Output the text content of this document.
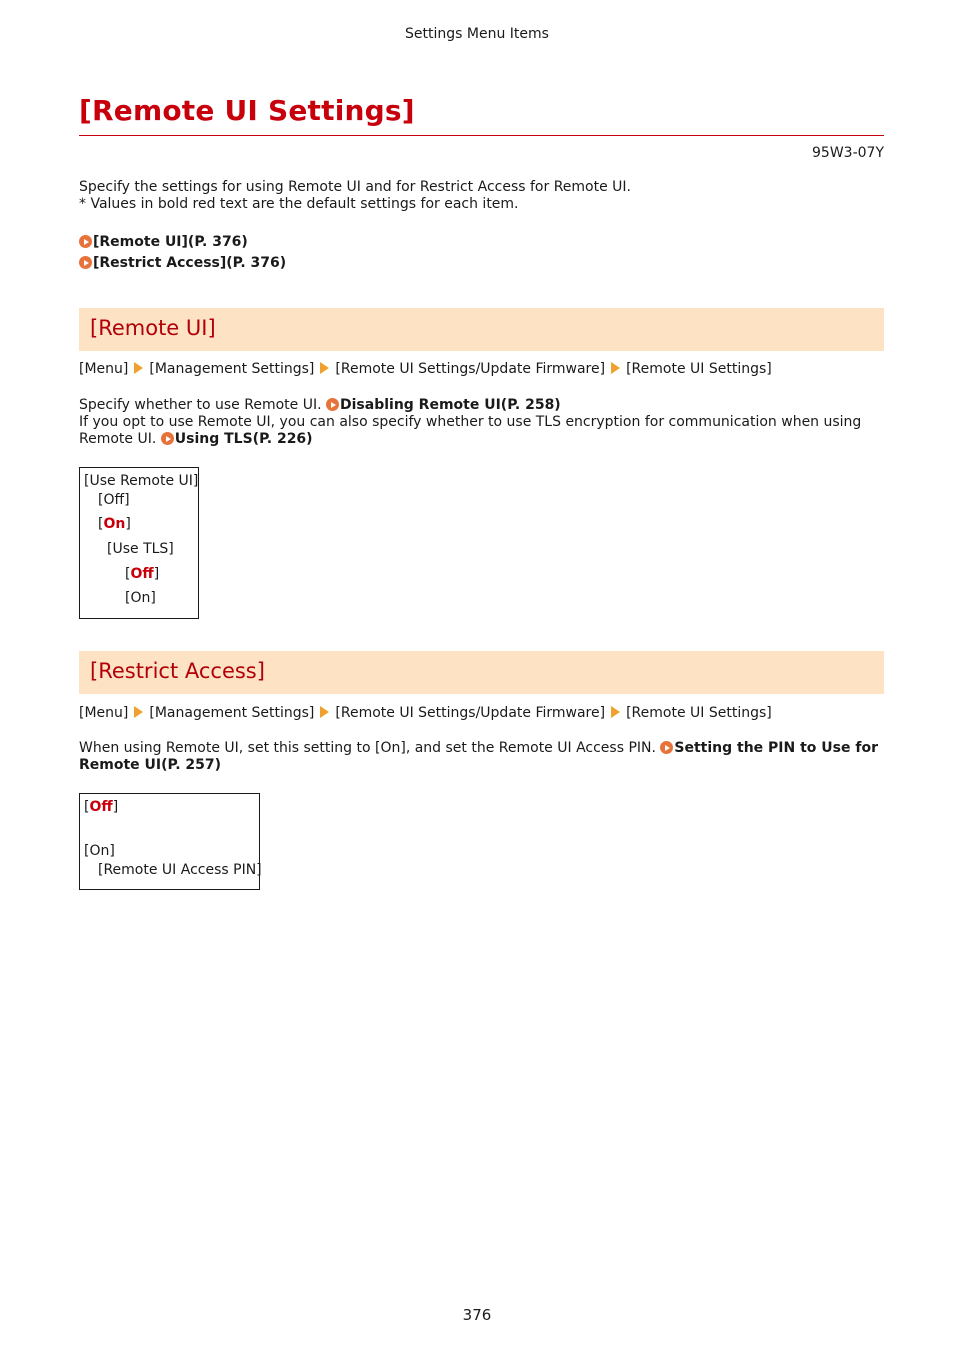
Settings Menu Items
[Remote UI Settings]
95W3-07Y

Specify the settings for using Remote UI and for Restrict Access for Remote UI.
* Values in bold red text are the default settings for each item.

[Remote UI](P. 376)
[Restrict Access](P. 376)
[Remote UI]
[Menu] [Management Settings] [Remote UI Settings/Update Firmware] [Remote UI Settings]

Specify whether to use Remote UI. Disabling Remote UI(P. 258)
If you opt to use Remote UI, you can also specify whether to use TLS encryption for communication when using
Remote UI. Using TLS(P. 226)

[Use Remote UI]
[Off]
[On]
[Use TLS]
[Off]
[On]
[Restrict Access]
[Menu] [Management Settings] [Remote UI Settings/Update Firmware] [Remote UI Settings]

When using Remote UI, set this setting to [On], and set the Remote UI Access PIN. Setting the PIN to Use for
Remote UI(P. 257)

[Off]
[On]
[Remote UI Access PIN]
376
